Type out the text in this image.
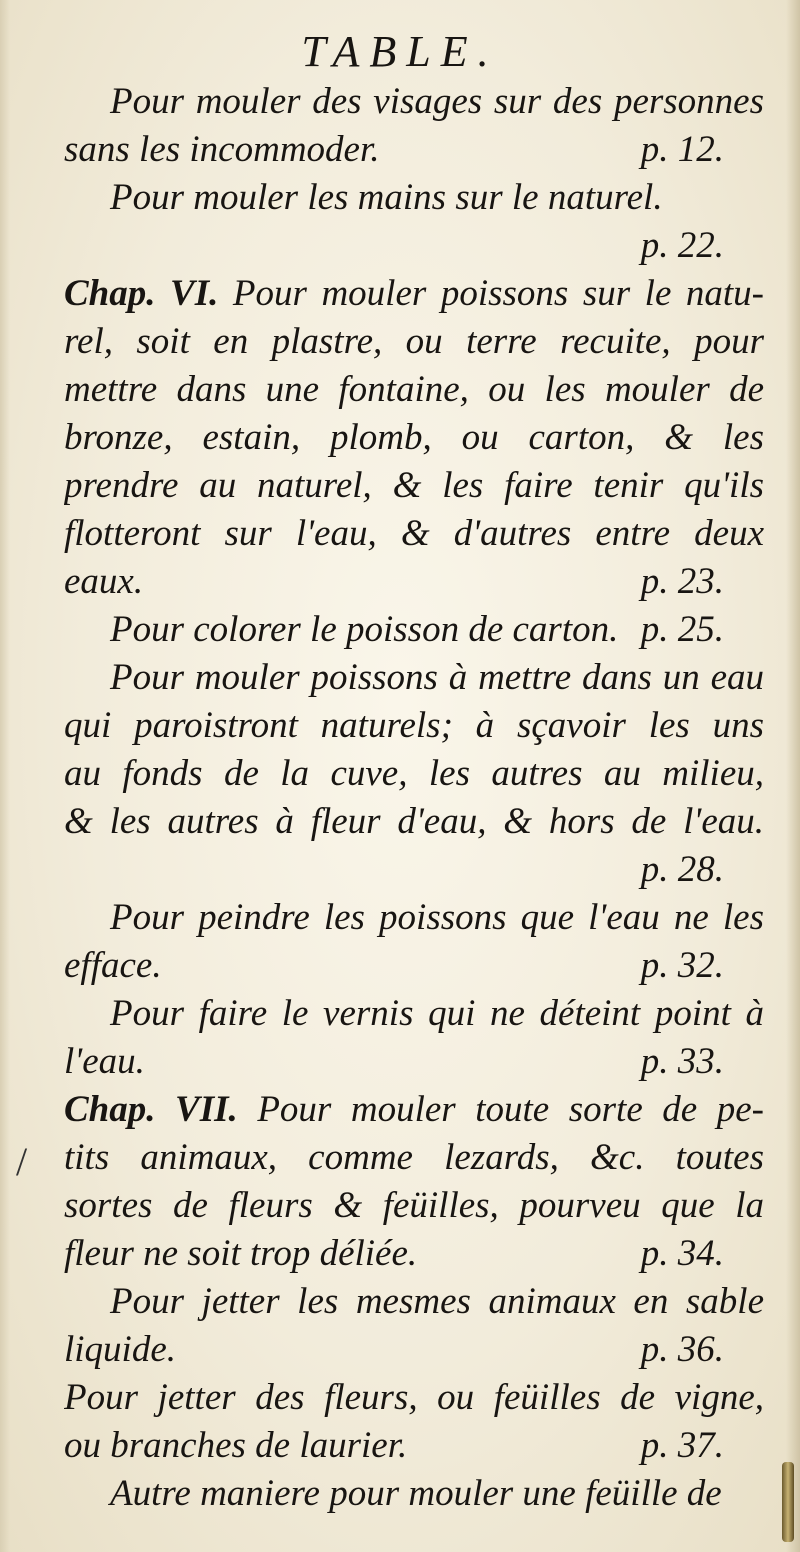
/
TABLE.
Pour mouler des visages sur des personnes
sans les incommoder.	p. 12.
Pour mouler les mains sur le naturel.
p. 22.
Chap. VI. Pour mouler poissons sur le natu-
rel, soit en plastre, ou terre recuite, pour
mettre dans une fontaine, ou les mouler de
bronze, estain, plomb, ou carton, & les
prendre au naturel, & les faire tenir qu'ils
flotteront sur l'eau, & d'autres entre deux
eaux.	p. 23.
Pour colorer le poisson de carton. p. 25.
Pour mouler poissons à mettre dans un eau
qui paroistront naturels; à sçavoir les uns
au fonds de la cuve, les autres au milieu,
& les autres à fleur d'eau, & hors de l'eau.
p. 28.
Pour peindre les poissons que l'eau ne les
efface.	p. 32.
Pour faire le vernis qui ne déteint point à
l'eau.	p. 33.
Chap. VII. Pour mouler toute sorte de pe-
tits animaux, comme lezards, &c. toutes
sortes de fleurs & feüilles, pourveu que la
fleur ne soit trop déliée.	p. 34.
Pour jetter les mesmes animaux en sable
liquide.	p. 36.
Pour jetter des fleurs, ou feüilles de vigne,
ou branches de laurier.	p. 37.
Autre maniere pour mouler une feüille de
